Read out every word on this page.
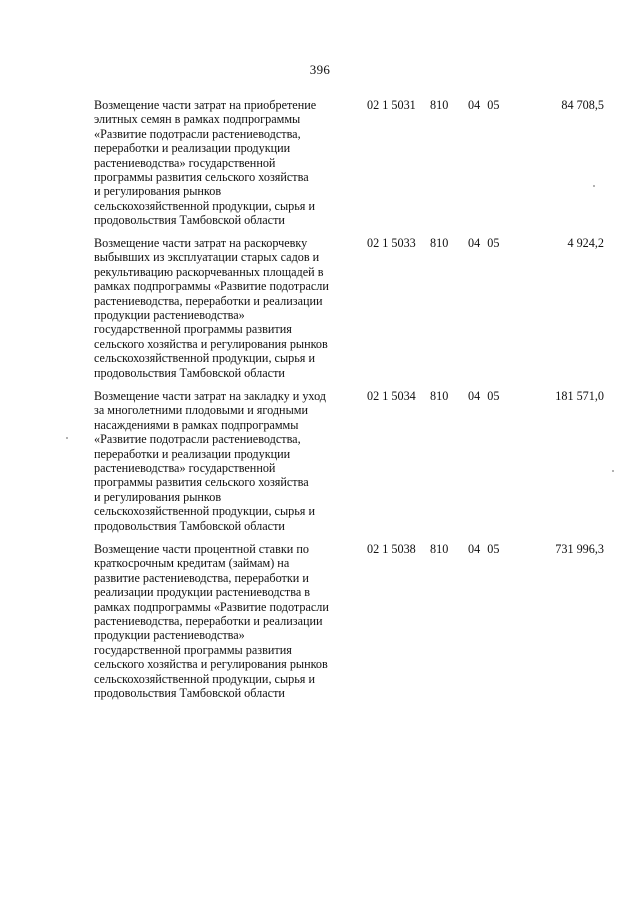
396
Возмещение части затрат на приобретение
элитных семян в рамках подпрограммы
«Развитие подотрасли растениеводства,
переработки и реализации продукции
растениеводства» государственной
программы развития сельского хозяйства
и регулирования рынков
сельскохозяйственной продукции, сырья и
продовольствия Тамбовской области
02 1 5031 810 04 05	84 708,5
Возмещение части затрат на раскорчевку
выбывших из эксплуатации старых садов и
рекультивацию раскорчеванных площадей в
рамках подпрограммы «Развитие подотрасли
растениеводства, переработки и реализации
продукции растениеводства»
государственной программы развития
сельского хозяйства и регулирования рынков
сельскохозяйственной продукции, сырья и
продовольствия Тамбовской области
02 1 5033 810 04 05	4 924,2
Возмещение части затрат на закладку и уход
за многолетними плодовыми и ягодными
насаждениями в рамках подпрограммы
«Развитие подотрасли растениеводства,
переработки и реализации продукции
растениеводства» государственной
программы развития сельского хозяйства
и регулирования рынков
сельскохозяйственной продукции, сырья и
продовольствия Тамбовской области
02 1 5034 810 04 05	181 571,0
Возмещение части процентной ставки по
краткосрочным кредитам (займам) на
развитие растениеводства, переработки и
реализации продукции растениеводства в
рамках подпрограммы «Развитие подотрасли
растениеводства, переработки и реализации
продукции растениеводства»
государственной программы развития
сельского хозяйства и регулирования рынков
сельскохозяйственной продукции, сырья и
продовольствия Тамбовской области
02 1 5038 810 04 05	731 996,3
